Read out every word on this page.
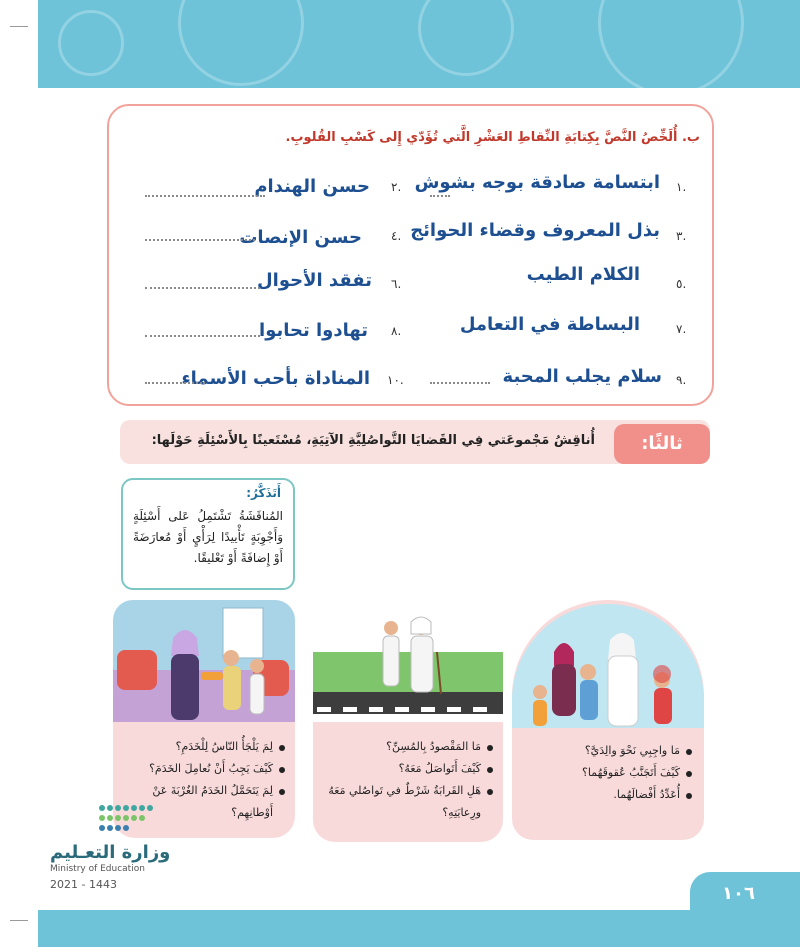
ب. أُلَخِّصُ النَّصَّ بِكِتابَةِ النِّقاطِ العَشْرِ الَّتي تُؤَدّي إِلى كَسْبِ القُلوبِ.
١.
ابتسامة صادقة بوجه بشوش
٢.
حسن الهندام
٣.
بذل المعروف وقضاء الحوائج
٤.
حسن الإنصات
٥.
الكلام الطيب
٦.
تفقد الأحوال
٧.
البساطة في التعامل
٨.
تهادوا تحابوا
٩.
سلام يجلب المحبة
١٠.
المناداة بأحب الأسماء
ثالثًا:
أُناقِشُ مَجْموعَتي فِي القَضايَا التَّواصُلِيَّةِ الآتِيَةِ، مُسْتَعينًا بِالأَسْئِلَةِ حَوْلَها:
أَتَذَكَّرُ:
المُناقَشَةُ تَشْتَمِلُ عَلى أَسْئِلَةٍ وَأَجْوِبَةٍ تَأْييدًا لِرَأْيٍ أَوْ مُعارَضَةً أَوْ إِضافَةً أَوْ تَعْليقًا.
مَا واجِبِي نَحْوَ والِدَيَّ؟
كَيْفَ أَتَجَنَّبُ عُقوقَهُما؟
أُعَدِّدُ أَفْضالَهُما.
مَا المَقْصودُ بِالمُسِنِّ؟
كَيْفَ أَتَواصَلُ مَعَهُ؟
هَلِ القَرابَةُ شَرْطٌ في تَواصُلي مَعَهُ ورِعايَتِهِ؟
لِمَ يَلْجَأُ النّاسُ لِلْخَدَمِ؟
كَيْفَ يَجِبُ أَنْ نُعامِلَ الخَدَمَ؟
لِمَ يَتَحَمَّلُ الخَدَمُ الغُرْبَةَ عَنْ أَوْطانِهِم؟
وزارة التعـليم
Ministry of Education
2021 - 1443	١٠٦
